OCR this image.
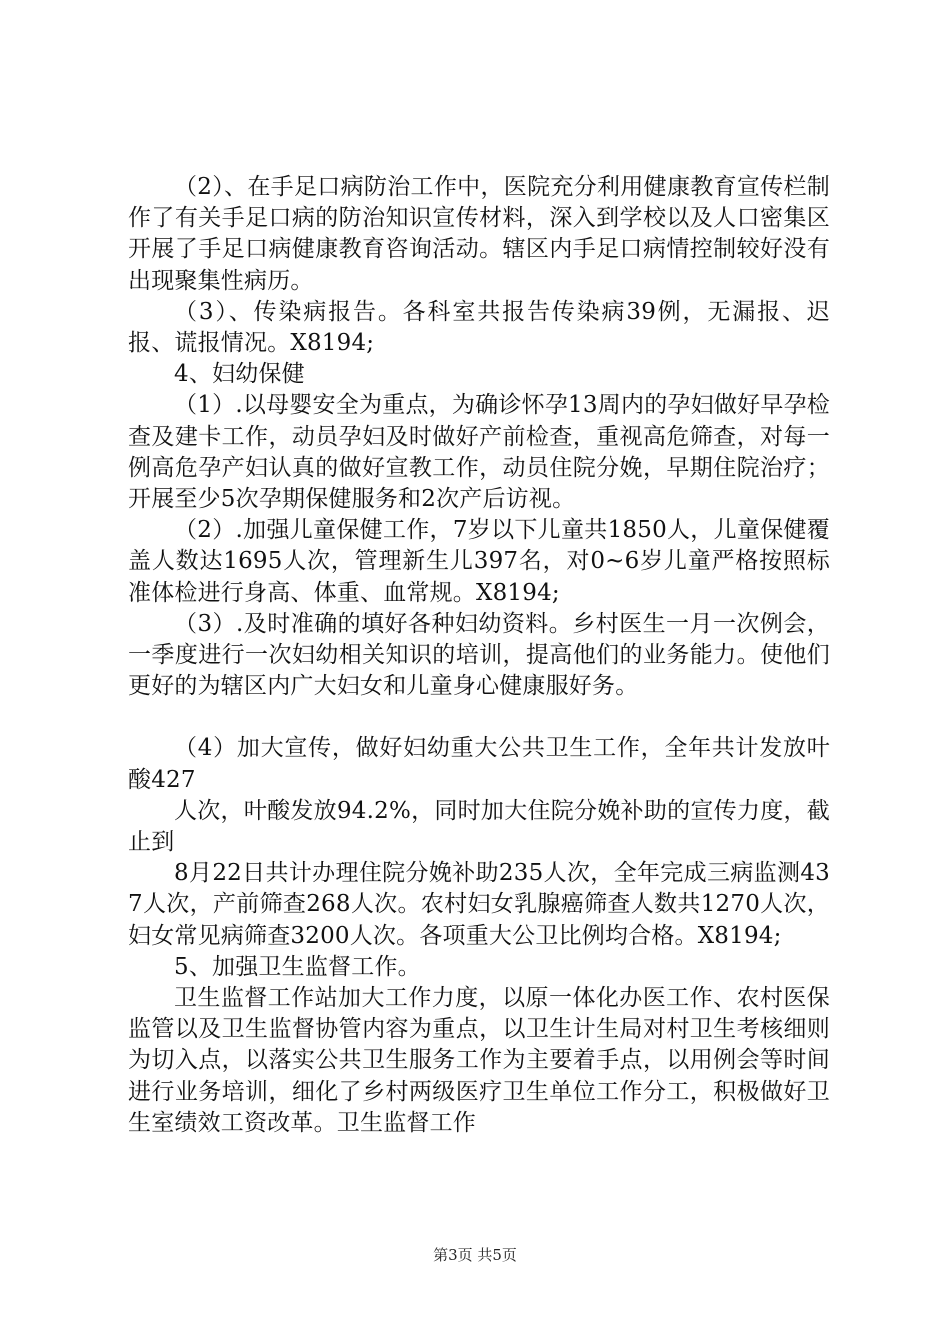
（2）、在手足口病防治工作中，医院充分利用健康教育宣传栏制作了有关手足口病的防治知识宣传材料，深入到学校以及人口密集区开展了手足口病健康教育咨询活动。辖区内手足口病情控制较好没有出现聚集性病历。

（3）、传染病报告。各科室共报告传染病39例，无漏报、迟报、谎报情况。X8194;

4、妇幼保健

（1）.以母婴安全为重点，为确诊怀孕13周内的孕妇做好早孕检查及建卡工作，动员孕妇及时做好产前检查，重视高危筛查，对每一例高危孕产妇认真的做好宣教工作，动员住院分娩，早期住院治疗；开展至少5次孕期保健服务和2次产后访视。

（2）.加强儿童保健工作，7岁以下儿童共1850人，儿童保健覆盖人数达1695人次，管理新生儿397名，对0~6岁儿童严格按照标准体检进行身高、体重、血常规。X8194;

（3）.及时准确的填好各种妇幼资料。乡村医生一月一次例会，一季度进行一次妇幼相关知识的培训，提高他们的业务能力。使他们更好的为辖区内广大妇女和儿童身心健康服好务。

（4）加大宣传，做好妇幼重大公共卫生工作，全年共计发放叶酸427

人次，叶酸发放94.2%，同时加大住院分娩补助的宣传力度，截止到

8月22日共计办理住院分娩补助235人次，全年完成三病监测437人次，产前筛查268人次。农村妇女乳腺癌筛查人数共1270人次，妇女常见病筛查3200人次。各项重大公卫比例均合格。X8194;

5、加强卫生监督工作。

卫生监督工作站加大工作力度，以原一体化办医工作、农村医保监管以及卫生监督协管内容为重点，以卫生计生局对村卫生考核细则为切入点，以落实公共卫生服务工作为主要着手点，以用例会等时间进行业务培训，细化了乡村两级医疗卫生单位工作分工，积极做好卫生室绩效工资改革。卫生监督工作

第3页 共5页
